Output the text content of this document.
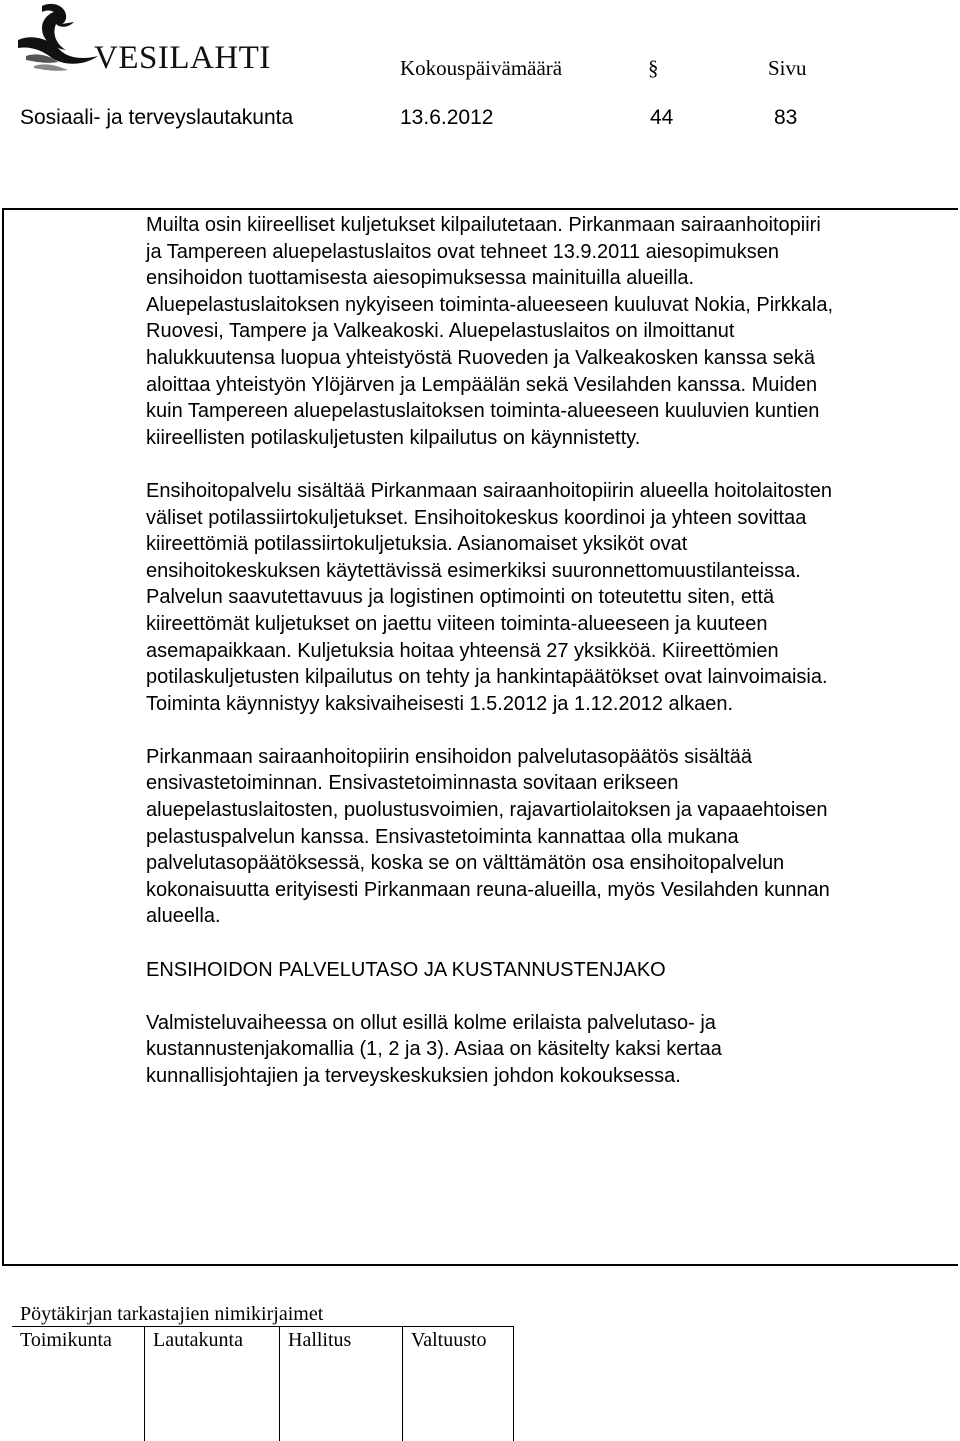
VESILAHTI	Kokouspäivämäärä	§	Sivu
Sosiaali- ja terveyslautakunta	13.6.2012	44	83

Muilta osin kiireelliset kuljetukset kilpailutetaan. Pirkanmaan sairaanhoitopiiri
ja Tampereen aluepelastuslaitos ovat tehneet 13.9.2011 aiesopimuksen
ensihoidon tuottamisesta aiesopimuksessa mainituilla alueilla.
Aluepelastuslaitoksen nykyiseen toiminta-alueeseen kuuluvat Nokia, Pirkkala,
Ruovesi, Tampere ja Valkeakoski. Aluepelastuslaitos on ilmoittanut
halukkuutensa luopua yhteistyöstä Ruoveden ja Valkeakosken kanssa sekä
aloittaa yhteistyön Ylöjärven ja Lempäälän sekä Vesilahden kanssa. Muiden
kuin Tampereen aluepelastuslaitoksen toiminta-alueeseen kuuluvien kuntien
kiireellisten potilaskuljetusten kilpailutus on käynnistetty.

Ensihoitopalvelu sisältää Pirkanmaan sairaanhoitopiirin alueella hoitolaitosten
väliset potilassiirtokuljetukset. Ensihoitokeskus koordinoi ja yhteen sovittaa
kiireettömiä potilassiirtokuljetuksia. Asianomaiset yksiköt ovat
ensihoitokeskuksen käytettävissä esimerkiksi suuronnettomuustilanteissa.
Palvelun saavutettavuus ja logistinen optimointi on toteutettu siten, että
kiireettömät kuljetukset on jaettu viiteen toiminta-alueeseen ja kuuteen
asemapaikkaan. Kuljetuksia hoitaa yhteensä 27 yksikköä. Kiireettömien
potilaskuljetusten kilpailutus on tehty ja hankintapäätökset ovat lainvoimaisia.
Toiminta käynnistyy kaksivaiheisesti 1.5.2012 ja 1.12.2012 alkaen.

Pirkanmaan sairaanhoitopiirin ensihoidon palvelutasopäätös sisältää
ensivastetoiminnan. Ensivastetoiminnasta sovitaan erikseen
aluepelastuslaitosten, puolustusvoimien, rajavartiolaitoksen ja vapaaehtoisen
pelastuspalvelun kanssa. Ensivastetoiminta kannattaa olla mukana
palvelutasopäätöksessä, koska se on välttämätön osa ensihoitopalvelun
kokonaisuutta erityisesti Pirkanmaan reuna-alueilla, myös Vesilahden kunnan
alueella.

ENSIHOIDON PALVELUTASO JA KUSTANNUSTENJAKO

Valmisteluvaiheessa on ollut esillä kolme erilaista palvelutaso- ja
kustannustenjakomallia (1, 2 ja 3). Asiaa on käsitelty kaksi kertaa
kunnallisjohtajien ja terveyskeskuksien johdon kokouksessa.

Pöytäkirjan tarkastajien nimikirjaimet
Toimikunta	Lautakunta	Hallitus	Valtuusto
